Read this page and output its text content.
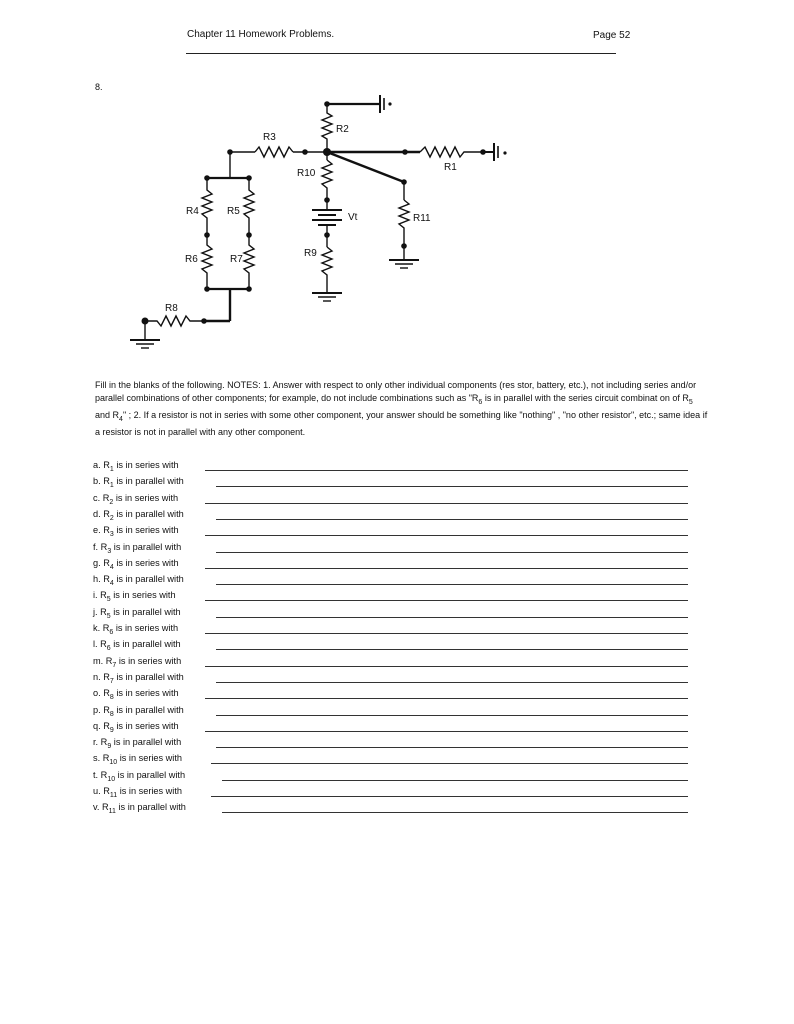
Chapter 11 Homework Problems.	Page 52
8.
R2
R3
R1
R11
R10
Vt
R9
R4	R5
R6	R7
R8

Fill in the blanks of the following. NOTES: 1. Answer with respect to only other individual components (res stor, battery, etc.), not including series and/or parallel combinations of other components; for example, do not include combinations such as "$R_6$ is in parallel with the series circuit combinat on of $R_5$ and $R_4$" ; 2. If a resistor is not in series with some other component, your answer should be something like "nothing" , "no other resistor", etc.; same idea if a resistor is not in parallel with any other component.

a. $R_1$ is in series with
b. $R_1$ is in parallel with
c. $R_2$ is in series with
d. $R_2$ is in parallel with
e. $R_3$ is in series with
f. $R_3$ is in parallel with
g. $R_4$ is in series with
h. $R_4$ is in parallel with
i. $R_5$ is in series with
j. $R_5$ is in parallel with
k. $R_6$ is in series with
l. $R_6$ is in parallel with
m. $R_7$ is in series with
n. $R_7$ is in parallel with
o. $R_8$ is in series with
p. $R_8$ is in parallel with
q. $R_9$ is in series with
r. $R_9$ is in parallel with
s. $R_{10}$ is in series with
t. $R_{10}$ is in parallel with
u. $R_{11}$ is in series with
v. $R_{11}$ is in parallel with
